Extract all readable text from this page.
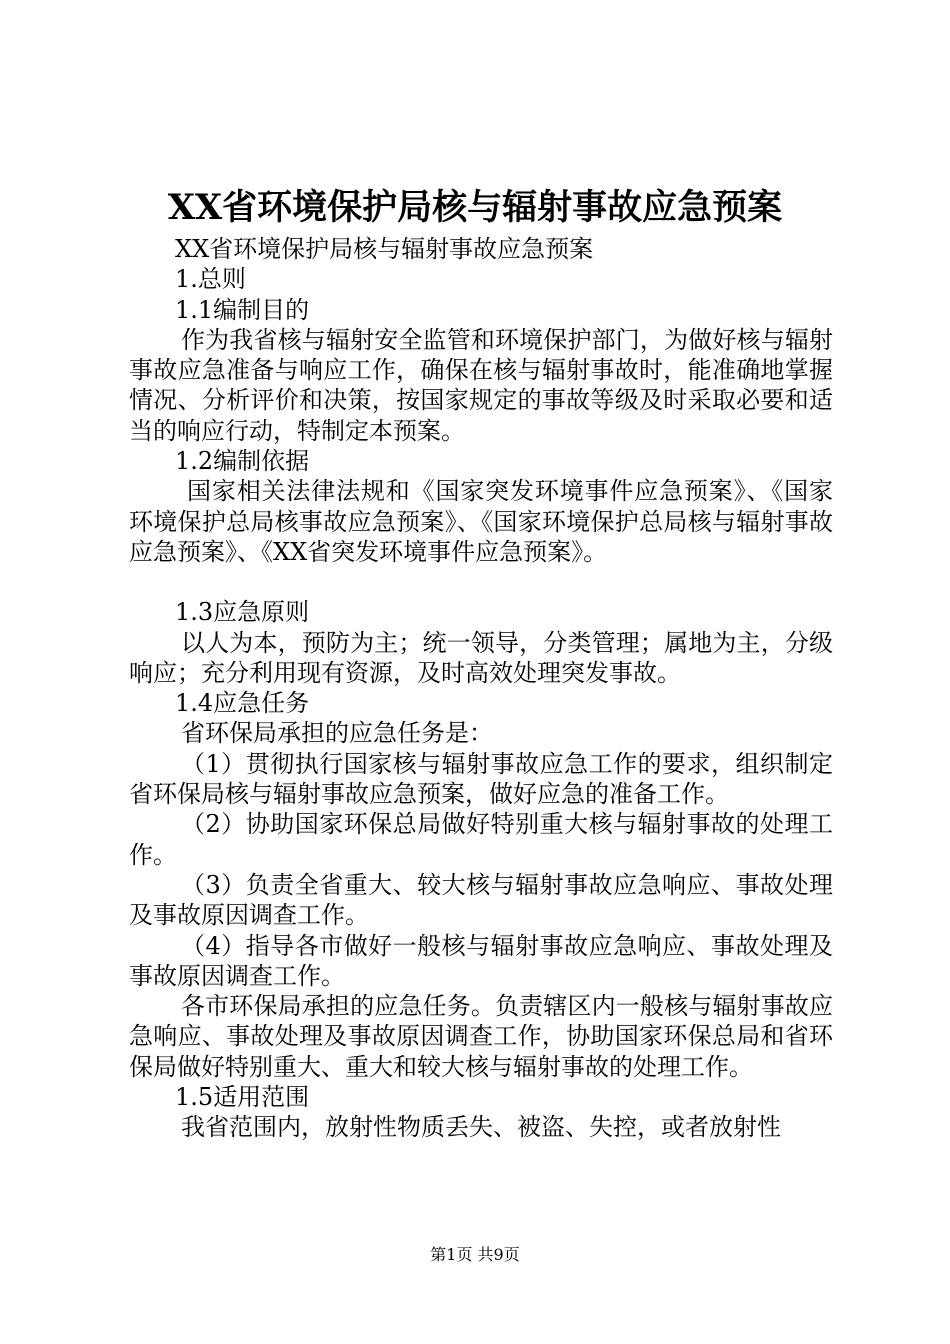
XX省环境保护局核与辐射事故应急预案

XX省环境保护局核与辐射事故应急预案

1.总则

1.1编制目的

作为我省核与辐射安全监管和环境保护部门，为做好核与辐射事故应急准备与响应工作，确保在核与辐射事故时，能准确地掌握情况、分析评价和决策，按国家规定的事故等级及时采取必要和适当的响应行动，特制定本预案。

1.2编制依据

国家相关法律法规和《国家突发环境事件应急预案》、《国家环境保护总局核事故应急预案》、《国家环境保护总局核与辐射事故应急预案》、《XX省突发环境事件应急预案》。

1.3应急原则

以人为本，预防为主；统一领导，分类管理；属地为主，分级响应；充分利用现有资源，及时高效处理突发事故。

1.4应急任务

省环保局承担的应急任务是：

（1）贯彻执行国家核与辐射事故应急工作的要求，组织制定省环保局核与辐射事故应急预案，做好应急的准备工作。

（2）协助国家环保总局做好特别重大核与辐射事故的处理工作。

（3）负责全省重大、较大核与辐射事故应急响应、事故处理及事故原因调查工作。

（4）指导各市做好一般核与辐射事故应急响应、事故处理及事故原因调查工作。

各市环保局承担的应急任务。负责辖区内一般核与辐射事故应急响应、事故处理及事故原因调查工作，协助国家环保总局和省环保局做好特别重大、重大和较大核与辐射事故的处理工作。

1.5适用范围

我省范围内，放射性物质丢失、被盗、失控，或者放射性

第1页 共9页
